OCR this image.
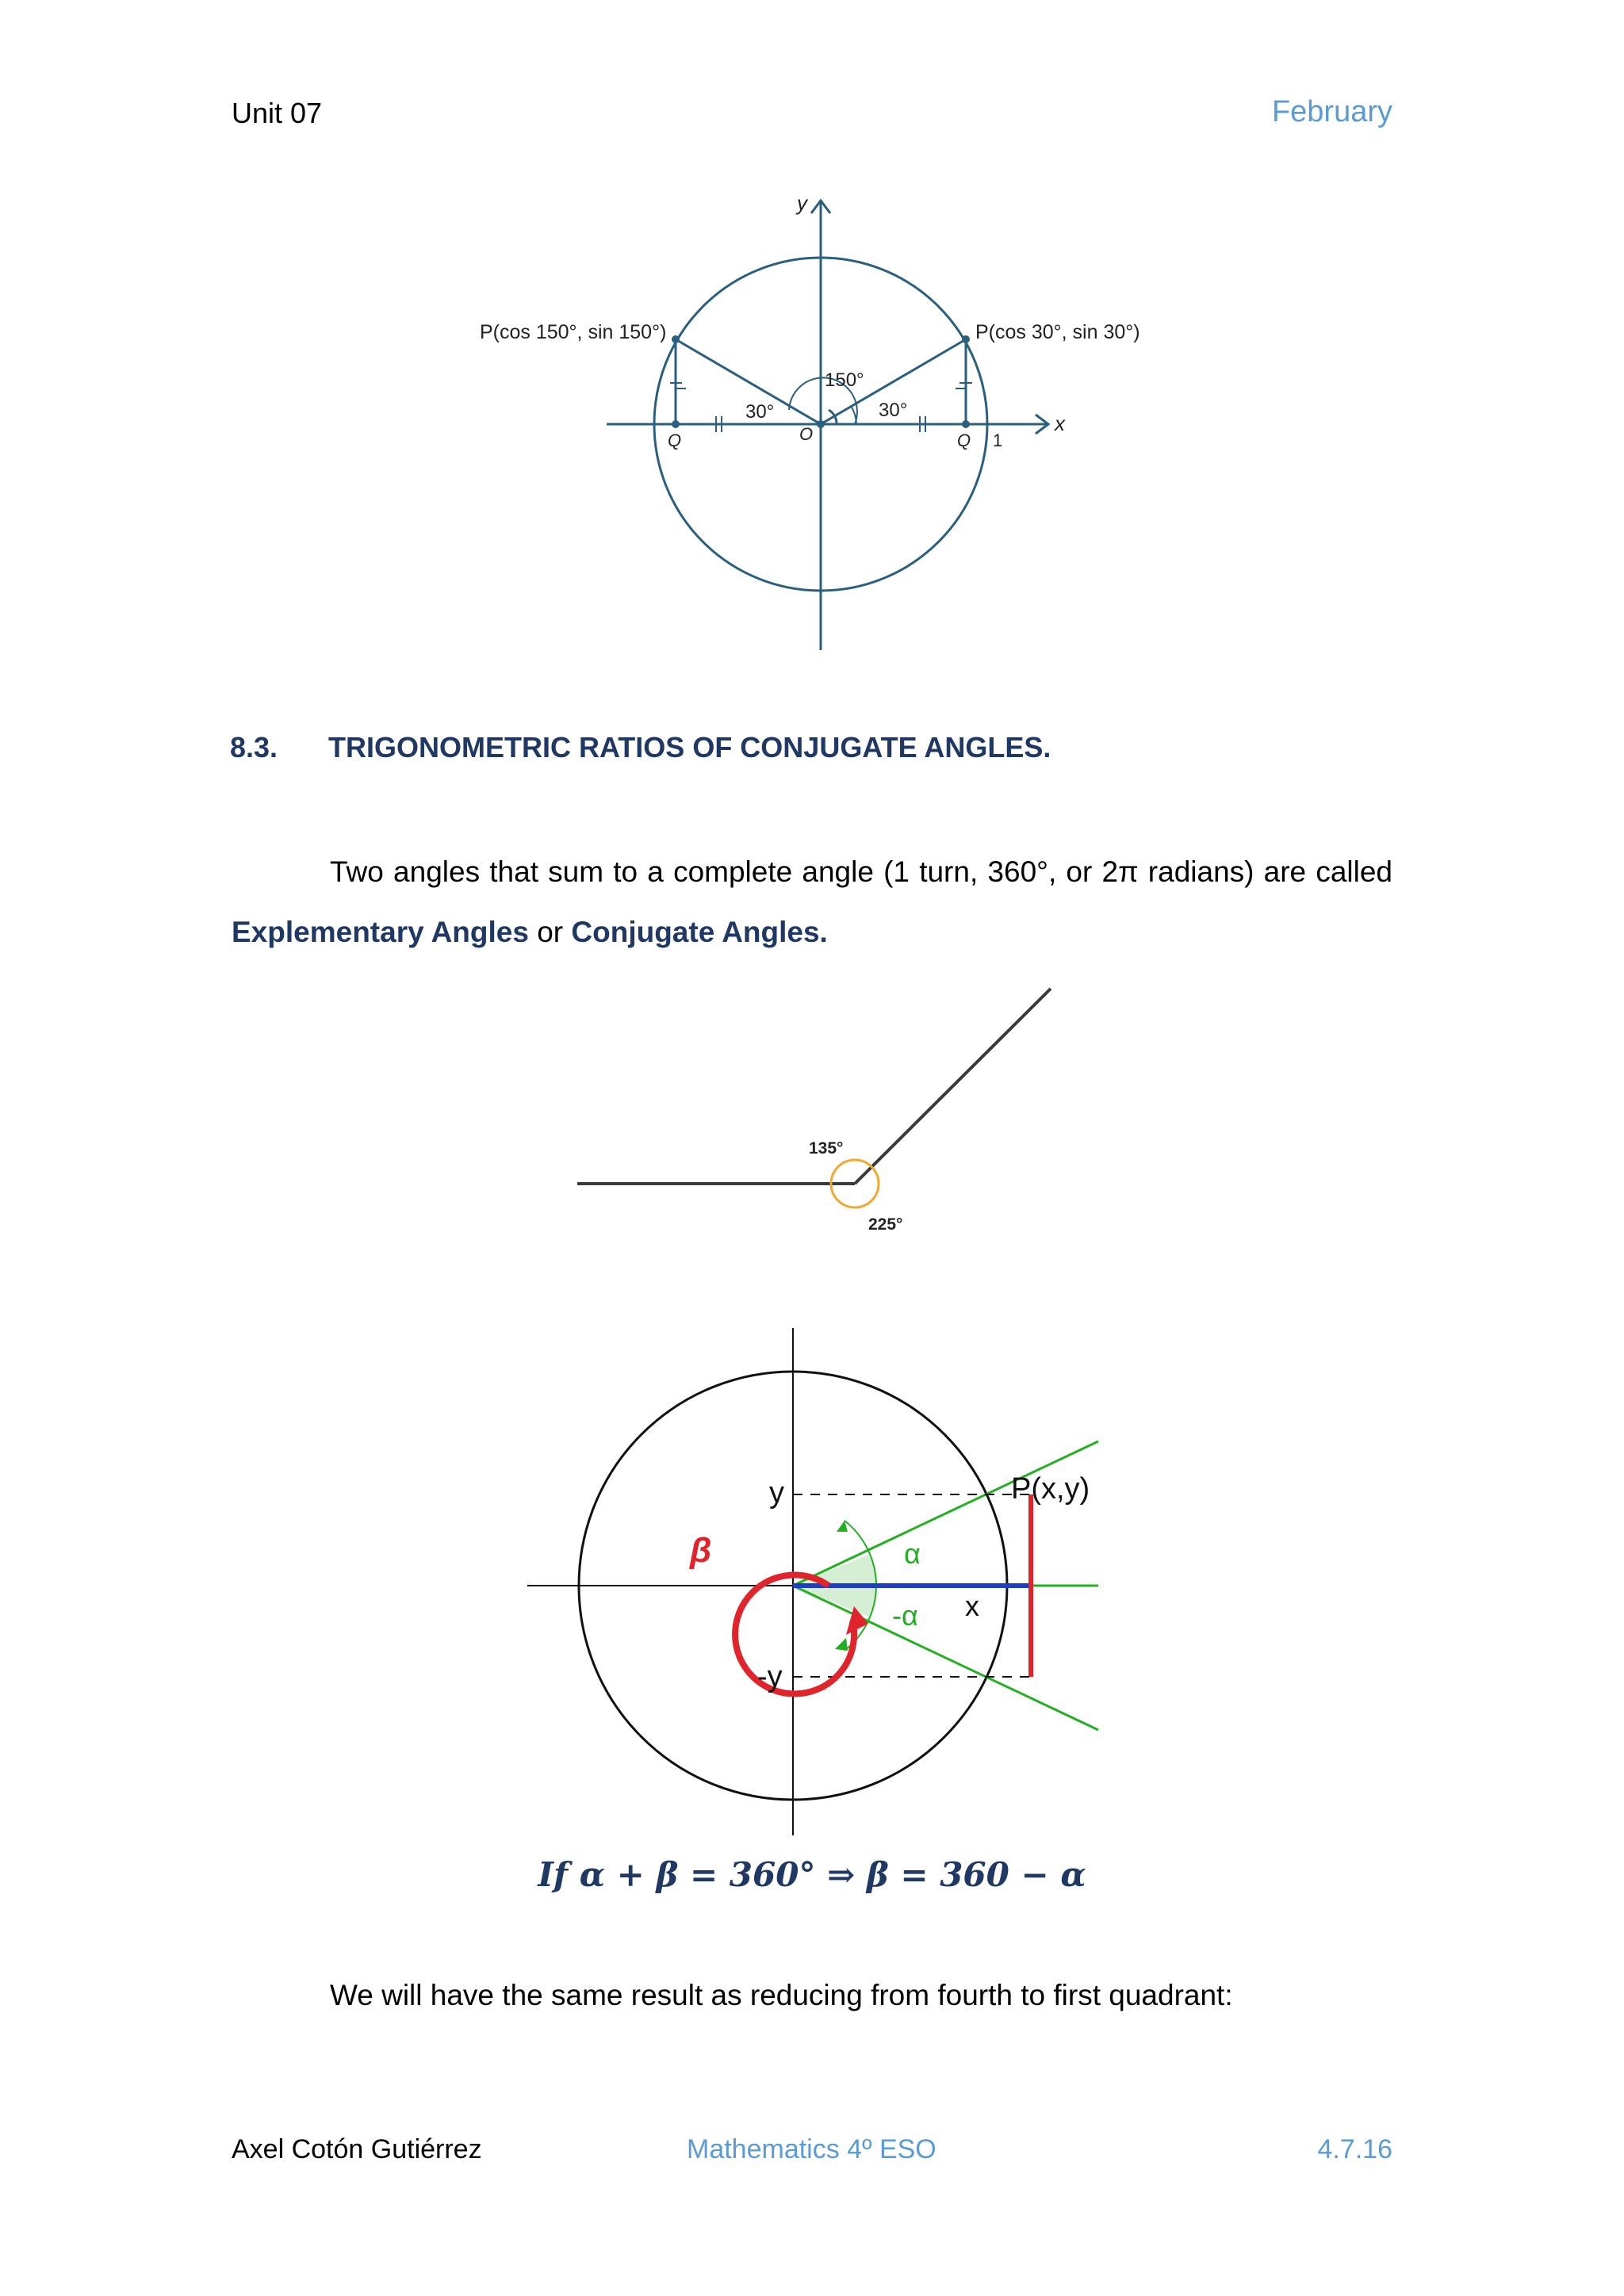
Unit 07	February
y
x
P(cos 150°, sin 150°)	P(cos 30°, sin 30°)
150°
30°	30°
O
Q	Q 1
8.3. TRIGONOMETRIC RATIOS OF CONJUGATE ANGLES.
Two angles that sum to a complete angle (1 turn, 360°, or 2π radians) are called Explementary Angles or Conjugate Angles.
135°
225°
y
-y
x
P(x,y)
α
-α
β
If α + β = 360° ⇒ β = 360 − α
We will have the same result as reducing from fourth to first quadrant:
Axel Cotón Gutiérrez	Mathematics 4º ESO	4.7.16
